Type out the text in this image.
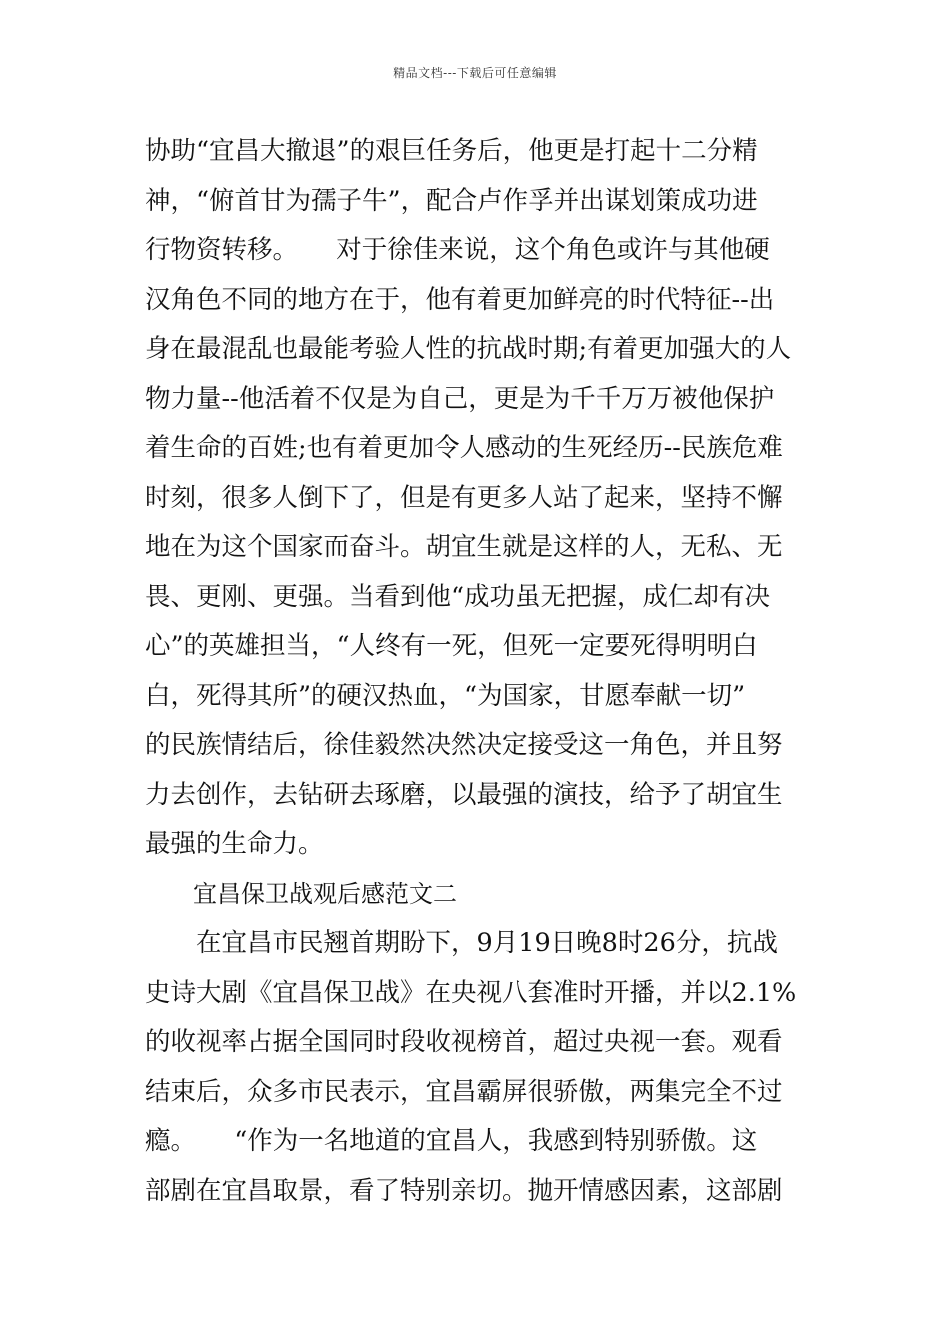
精品文档---下载后可任意编辑
协助“宜昌大撤退”的艰巨任务后，他更是打起十二分精
神，“俯首甘为孺子牛”，配合卢作孚并出谋划策成功进
行物资转移。　　对于徐佳来说，这个角色或许与其他硬
汉角色不同的地方在于，他有着更加鲜亮的时代特征--出
身在最混乱也最能考验人性的抗战时期;有着更加强大的人
物力量--他活着不仅是为自己，更是为千千万万被他保护
着生命的百姓;也有着更加令人感动的生死经历--民族危难
时刻，很多人倒下了，但是有更多人站了起来，坚持不懈
地在为这个国家而奋斗。胡宜生就是这样的人，无私、无
畏、更刚、更强。当看到他“成功虽无把握，成仁却有决
心”的英雄担当，“人终有一死，但死一定要死得明明白
白，死得其所”的硬汉热血，“为国家，甘愿奉献一切”
的民族情结后，徐佳毅然决然决定接受这一角色，并且努
力去创作，去钻研去琢磨，以最强的演技，给予了胡宜生
最强的生命力。
　　宜昌保卫战观后感范文二
　　在宜昌市民翘首期盼下，9月19日晚8时26分，抗战
史诗大剧《宜昌保卫战》在央视八套准时开播，并以2.1%
的收视率占据全国同时段收视榜首，超过央视一套。观看
结束后，众多市民表示，宜昌霸屏很骄傲，两集完全不过
瘾。　　“作为一名地道的宜昌人，我感到特别骄傲。这
部剧在宜昌取景，看了特别亲切。抛开情感因素，这部剧
